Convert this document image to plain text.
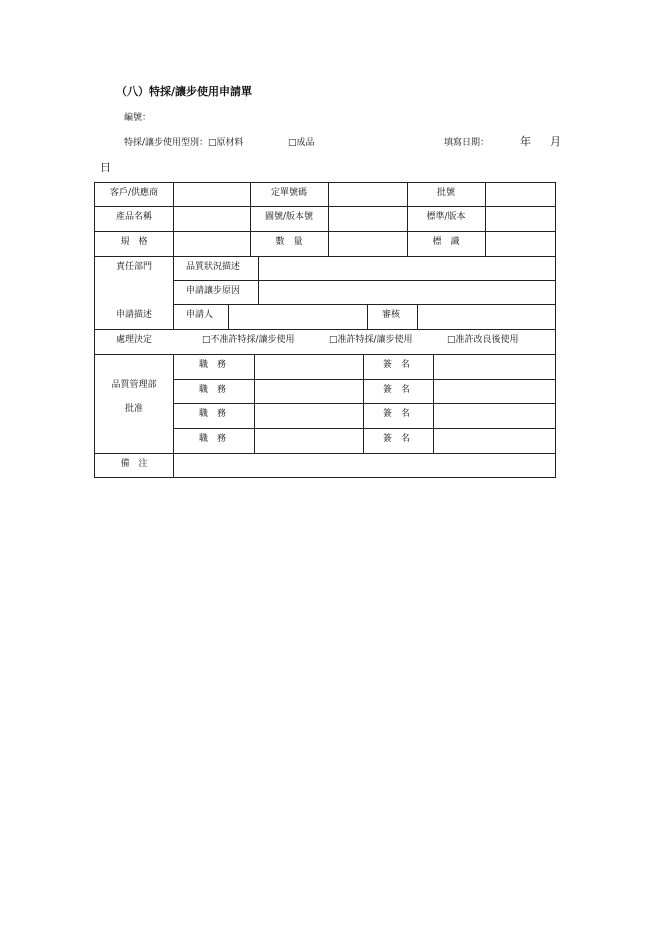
（八）特採/讓步使用申請單
編號：
特採/讓步使用型別：□原材料	□成品	填寫日期：	年 月
日
客戶/供應商	定單號碼	批號
產品名稱	圖號/版本號	標準/版本
規　格	數　量	標　識
責任部門	品質狀況描述
申請讓步原因
申請描述	申請人	審核
處理決定	□不准許特採/讓步使用	□准許特採/讓步使用	□准許改良後使用
品質管理部
批准
職　務	簽　名
職　務	簽　名
職　務	簽　名
職　務	簽　名
備　注
